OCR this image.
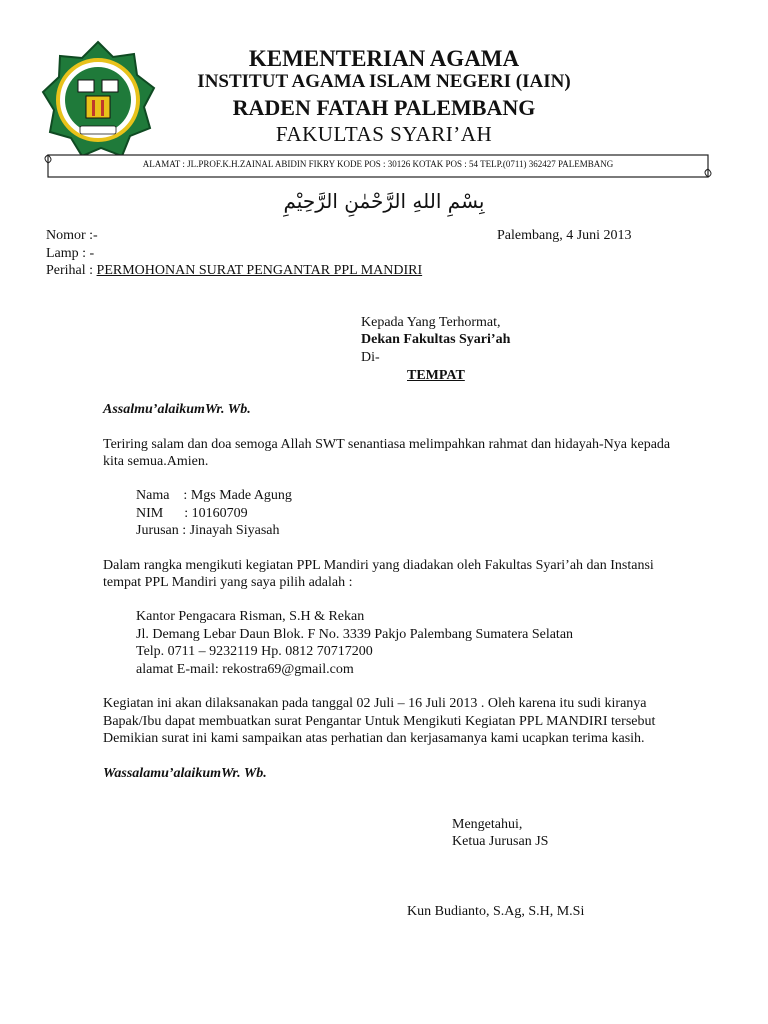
KEMENTERIAN AGAMA
INSTITUT AGAMA ISLAM NEGERI (IAIN)
RADEN FATAH PALEMBANG
FAKULTAS SYARI’AH
ALAMAT : JL.PROF.K.H.ZAINAL ABIDIN FIKRY KODE POS : 30126 KOTAK POS : 54 TELP.(0711) 362427 PALEMBANG
بِسْمِ اللهِ الرَّحْمٰنِ الرَّحِيْمِ
Nomor :-	Palembang, 4 Juni 2013
Lamp : -
Perihal : PERMOHONAN SURAT PENGANTAR PPL MANDIRI
Kepada Yang Terhormat,
Dekan Fakultas Syari’ah
Di-
TEMPAT
Assalmu’alaikumWr. Wb.
Teriring salam dan doa semoga Allah SWT senantiasa melimpahkan rahmat dan hidayah-Nya kepada
kita semua.Amien.
Nama    : Mgs Made Agung
NIM      : 10160709
Jurusan : Jinayah Siyasah
Dalam rangka mengikuti kegiatan PPL Mandiri yang diadakan oleh Fakultas Syari’ah dan Instansi
tempat PPL Mandiri yang saya pilih adalah :
Kantor Pengacara Risman, S.H & Rekan
Jl. Demang Lebar Daun Blok. F No. 3339 Pakjo Palembang Sumatera Selatan
Telp. 0711 – 9232119 Hp. 0812 70717200
alamat E-mail: rekostra69@gmail.com
Kegiatan ini akan dilaksanakan pada tanggal 02 Juli – 16 Juli 2013 . Oleh karena itu sudi kiranya
Bapak/Ibu dapat membuatkan surat Pengantar Untuk Mengikuti Kegiatan PPL MANDIRI tersebut
Demikian surat ini kami sampaikan atas perhatian dan kerjasamanya kami ucapkan terima kasih.
Wassalamu’alaikumWr. Wb.
Mengetahui,
Ketua Jurusan JS
Kun Budianto, S.Ag, S.H, M.Si
